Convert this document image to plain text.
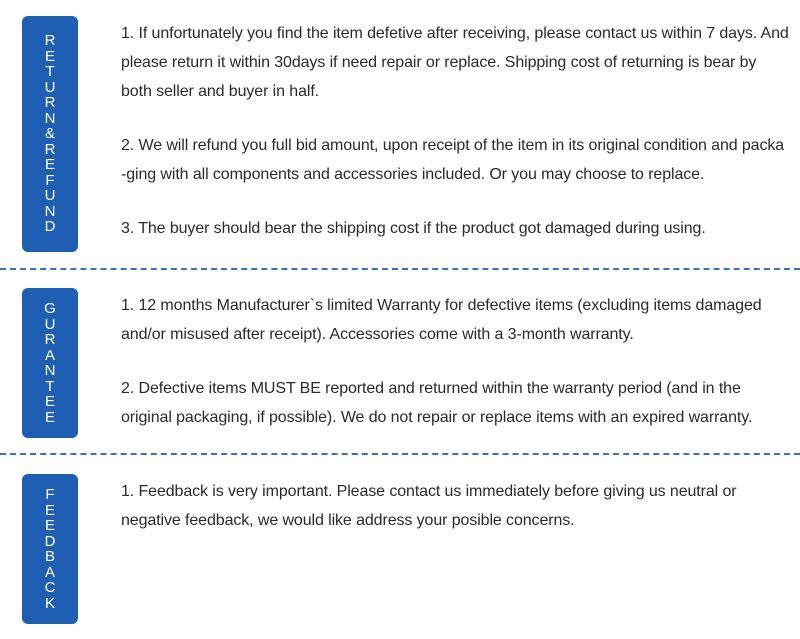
R
E
T
U
R
N
&
R
E
F
U
N
D

1. If unfortunately you find the item defetive after receiving, please contact us within 7 days. And please return it within 30days if need repair or replace. Shipping cost of returning is bear by both seller and buyer in half.

2. We will refund you full bid amount, upon receipt of the item in its original condition and packa -ging with all components and accessories included. Or you may choose to replace.

3. The buyer should bear the shipping cost if the product got damaged during using.

G
U
R
A
N
T
E
E

1. 12 months Manufacturer`s limited Warranty for defective items (excluding items damaged and/or misused after receipt). Accessories come with a 3-month warranty.

2. Defective items MUST BE reported and returned within the warranty period (and in the original packaging, if possible). We do not repair or replace items with an expired warranty.

F
E
E
D
B
A
C
K

1. Feedback is very important. Please contact us immediately before giving us neutral or negative feedback, we would like address your posible concerns.
